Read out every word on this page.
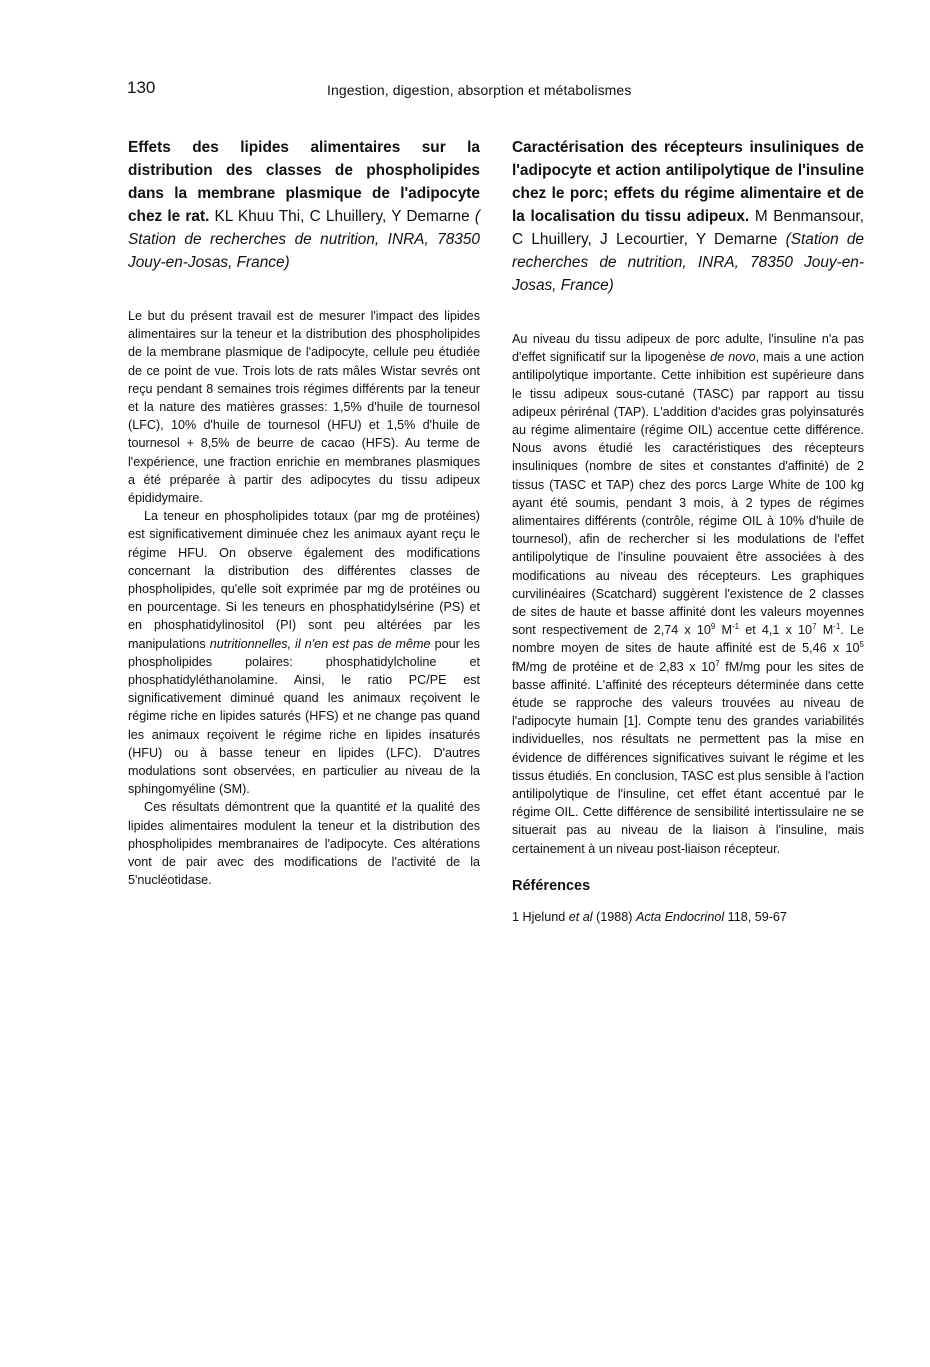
130	Ingestion, digestion, absorption et métabolismes

Effets des lipides alimentaires sur la distribution des classes de phospholipides dans la membrane plasmique de l'adipocyte chez le rat. KL Khuu Thi, C Lhuillery, Y Demarne ( Station de recherches de nutrition, INRA, 78350 Jouy-en-Josas, France)

Le but du présent travail est de mesurer l'impact des lipides alimentaires sur la teneur et la distribution des phospholipides de la membrane plasmique de l'adipocyte, cellule peu étudiée de ce point de vue. Trois lots de rats mâles Wistar sevrés ont reçu pendant 8 semaines trois régimes différents par la teneur et la nature des matières grasses: 1,5% d'huile de tournesol (LFC), 10% d'huile de tournesol (HFU) et 1,5% d'huile de tournesol + 8,5% de beurre de cacao (HFS). Au terme de l'expérience, une fraction enrichie en membranes plasmiques a été préparée à partir des adipocytes du tissu adipeux épididymaire.

La teneur en phospholipides totaux (par mg de protéines) est significativement diminuée chez les animaux ayant reçu le régime HFU. On observe également des modifications concernant la distribution des différentes classes de phospholipides, qu'elle soit exprimée par mg de protéines ou en pourcentage. Si les teneurs en phosphatidylsérine (PS) et en phosphatidylinositol (PI) sont peu altérées par les manipulations nutritionnelles, il n'en est pas de même pour les phospholipides polaires: phosphatidylcholine et phosphatidyléthanolamine. Ainsi, le ratio PC/PE est significativement diminué quand les animaux reçoivent le régime riche en lipides saturés (HFS) et ne change pas quand les animaux reçoivent le régime riche en lipides insaturés (HFU) ou à basse teneur en lipides (LFC). D'autres modulations sont observées, en particulier au niveau de la sphingomyéline (SM).

Ces résultats démontrent que la quantité et la qualité des lipides alimentaires modulent la teneur et la distribution des phospholipides membranaires de l'adipocyte. Ces altérations vont de pair avec des modifications de l'activité de la 5'nucléotidase.

Caractérisation des récepteurs insuliniques de l'adipocyte et action antilipolytique de l'insuline chez le porc; effets du régime alimentaire et de la localisation du tissu adipeux. M Benmansour, C Lhuillery, J Lecourtier, Y Demarne (Station de recherches de nutrition, INRA, 78350 Jouy-en-Josas, France)

Au niveau du tissu adipeux de porc adulte, l'insuline n'a pas d'effet significatif sur la lipogenèse de novo, mais a une action antilipolytique importante. Cette inhibition est supérieure dans le tissu adipeux sous-cutané (TASC) par rapport au tissu adipeux périrénal (TAP). L'addition d'acides gras polyinsaturés au régime alimentaire (régime OIL) accentue cette différence. Nous avons étudié les caractéristiques des récepteurs insuliniques (nombre de sites et constantes d'affinité) de 2 tissus (TASC et TAP) chez des porcs Large White de 100 kg ayant été soumis, pendant 3 mois, à 2 types de régimes alimentaires différents (contrôle, régime OIL à 10% d'huile de tournesol), afin de rechercher si les modulations de l'effet antilipolytique de l'insuline pouvaient être associées à des modifications au niveau des récepteurs. Les graphiques curvilinéaires (Scatchard) suggèrent l'existence de 2 classes de sites de haute et basse affinité dont les valeurs moyennes sont respectivement de 2,74 x $10^9$ $M^{-1}$ et 4,1 x $10^7$ $M^{-1}$. Le nombre moyen de sites de haute affinité est de 5,46 x $10^5$ fM/mg de protéine et de 2,83 x $10^7$ fM/mg pour les sites de basse affinité. L'affinité des récepteurs déterminée dans cette étude se rapproche des valeurs trouvées au niveau de l'adipocyte humain [1]. Compte tenu des grandes variabilités individuelles, nos résultats ne permettent pas la mise en évidence de différences significatives suivant le régime et les tissus étudiés. En conclusion, TASC est plus sensible à l'action antilipolytique de l'insuline, cet effet étant accentué par le régime OIL. Cette différence de sensibilité intertissulaire ne se situerait pas au niveau de la liaison à l'insuline, mais certainement à un niveau post-liaison récepteur.

Références

1 Hjelund et al (1988) Acta Endocrinol 118, 59-67
